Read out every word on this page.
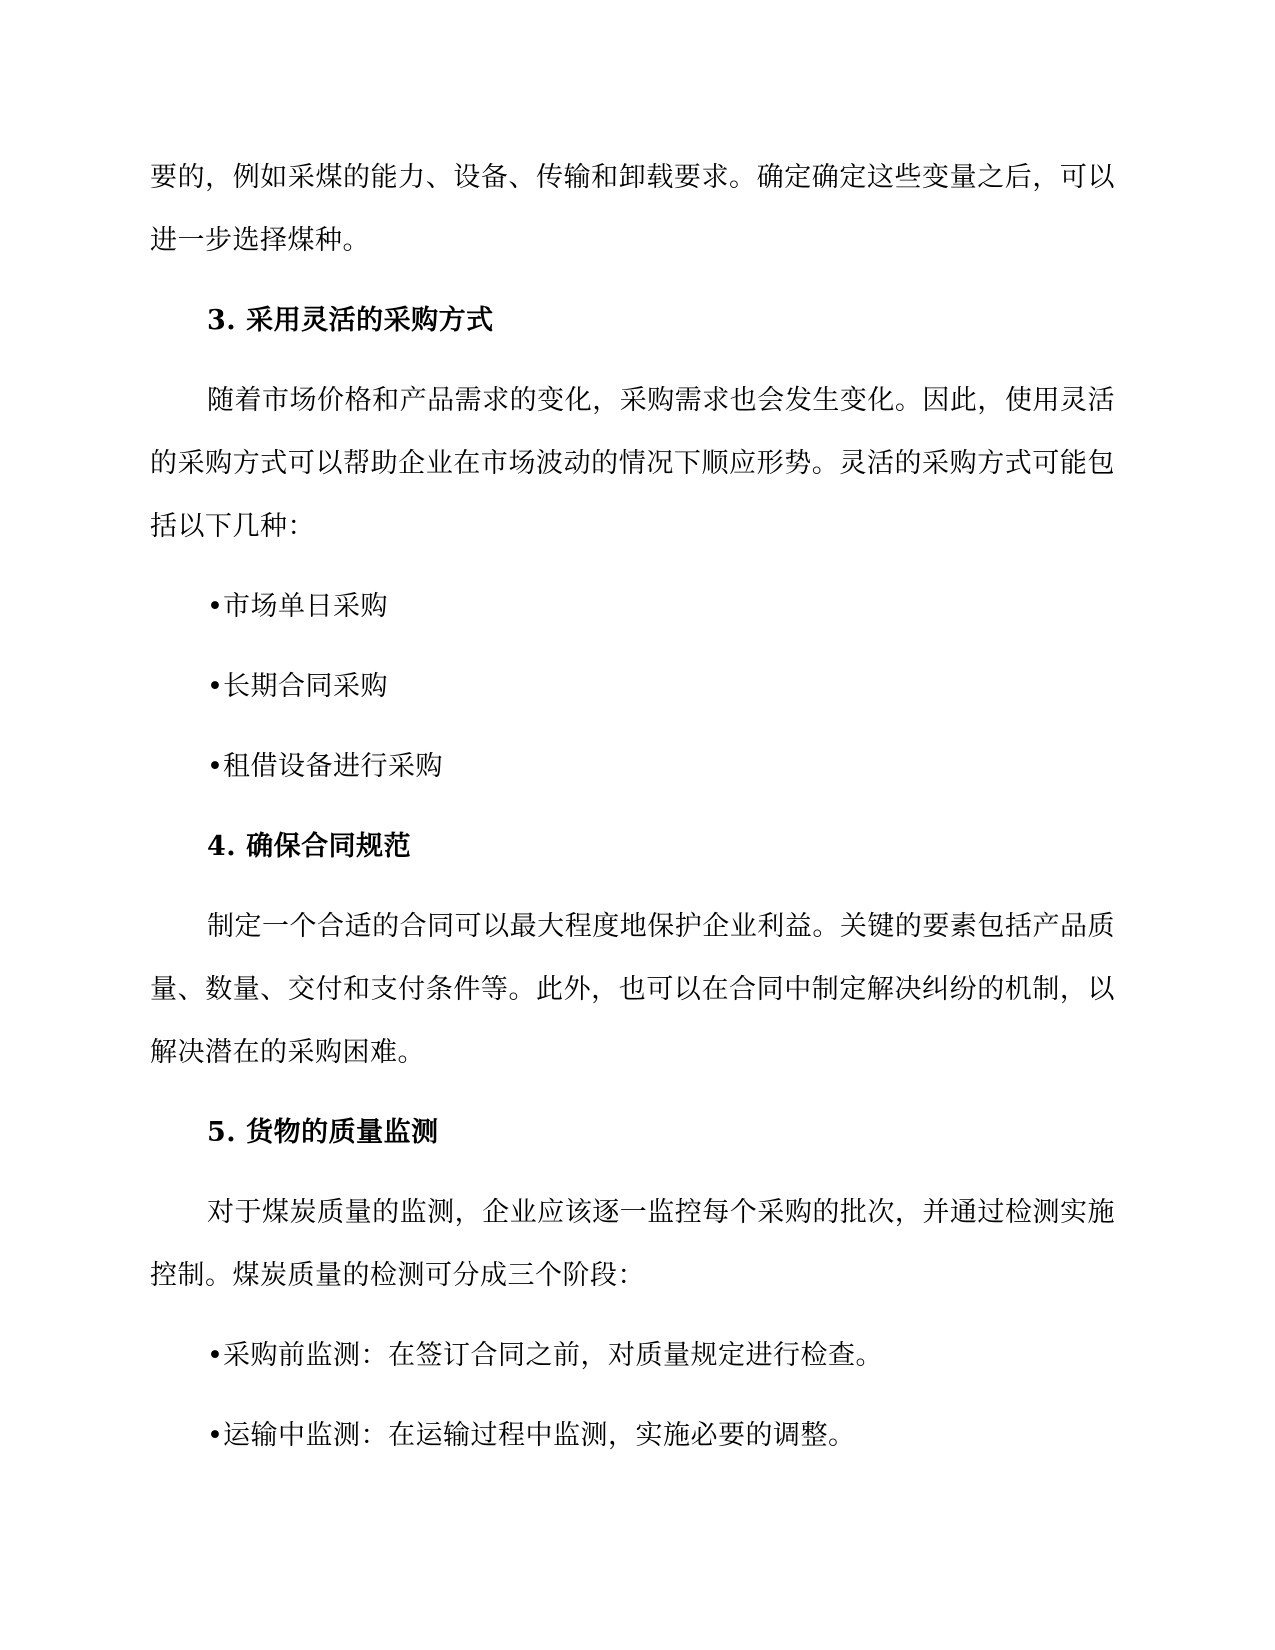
要的，例如采煤的能力、设备、传输和卸载要求。确定确定这些变量之后，可以进一步选择煤种。

3. 采用灵活的采购方式

随着市场价格和产品需求的变化，采购需求也会发生变化。因此，使用灵活的采购方式可以帮助企业在市场波动的情况下顺应形势。灵活的采购方式可能包括以下几种：

•市场单日采购
•长期合同采购
•租借设备进行采购
4. 确保合同规范

制定一个合适的合同可以最大程度地保护企业利益。关键的要素包括产品质量、数量、交付和支付条件等。此外，也可以在合同中制定解决纠纷的机制，以解决潜在的采购困难。

5. 货物的质量监测

对于煤炭质量的监测，企业应该逐一监控每个采购的批次，并通过检测实施控制。煤炭质量的检测可分成三个阶段：

•采购前监测：在签订合同之前，对质量规定进行检查。
•运输中监测：在运输过程中监测，实施必要的调整。
